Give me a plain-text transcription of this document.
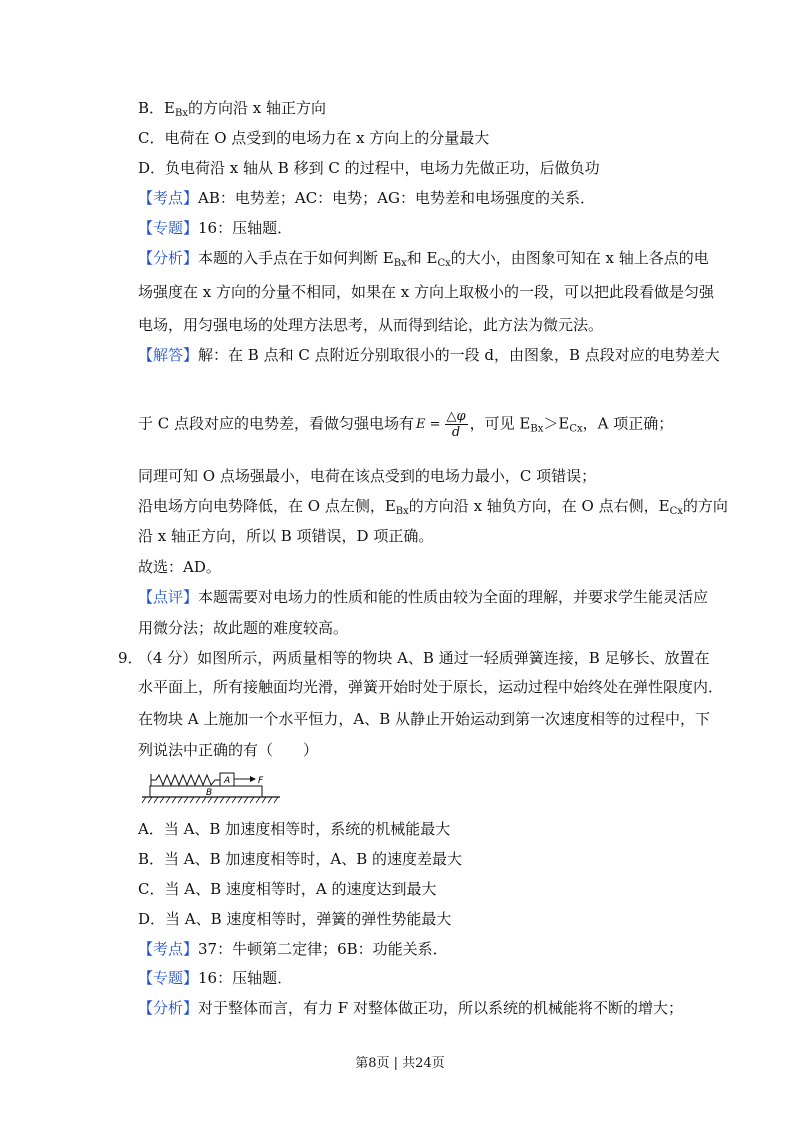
B．$E_{Bx}$的方向沿 x 轴正方向
C．电荷在 O 点受到的电场力在 x 方向上的分量最大
D．负电荷沿 x 轴从 B 移到 C 的过程中，电场力先做正功，后做负功
【考点】AB：电势差；AC：电势；AG：电势差和电场强度的关系．
【专题】16：压轴题．
【分析】本题的入手点在于如何判断 $E_{Bx}$和 $E_{Cx}$的大小，由图象可知在 x 轴上各点的电
场强度在 x 方向的分量不相同，如果在 x 方向上取极小的一段，可以把此段看做是匀强
电场，用匀强电场的处理方法思考，从而得到结论，此方法为微元法。
【解答】解：在 B 点和 C 点附近分别取很小的一段 d，由图象，B 点段对应的电势差大
于 C 点段对应的电势差，看做匀强电场有 $E = \frac{\triangle\varphi}{d}$ ，可见 $E_{Bx}>E_{Cx}$，A 项正确；
同理可知 O 点场强最小，电荷在该点受到的电场力最小，C 项错误；
沿电场方向电势降低，在 O 点左侧，$E_{Bx}$的方向沿 x 轴负方向，在 O 点右侧，$E_{Cx}$的方向
沿 x 轴正方向，所以 B 项错误，D 项正确。
故选：AD。
【点评】本题需要对电场力的性质和能的性质由较为全面的理解，并要求学生能灵活应
用微分法；故此题的难度较高。
9．
（4 分）如图所示，两质量相等的物块 A、B 通过一轻质弹簧连接，B 足够长、放置在
水平面上，所有接触面均光滑，弹簧开始时处于原长，运动过程中始终处在弹性限度内．
在物块 A 上施加一个水平恒力，A、B 从静止开始运动到第一次速度相等的过程中，下
列说法中正确的有（　　）
A	F
B
A．当 A、B 加速度相等时，系统的机械能最大
B．当 A、B 加速度相等时，A、B 的速度差最大
C．当 A、B 速度相等时，A 的速度达到最大
D．当 A、B 速度相等时，弹簧的弹性势能最大
【考点】37：牛顿第二定律；6B：功能关系．
【专题】16：压轴题．
【分析】对于整体而言，有力 F 对整体做正功，所以系统的机械能将不断的增大；
第8页 | 共24页
